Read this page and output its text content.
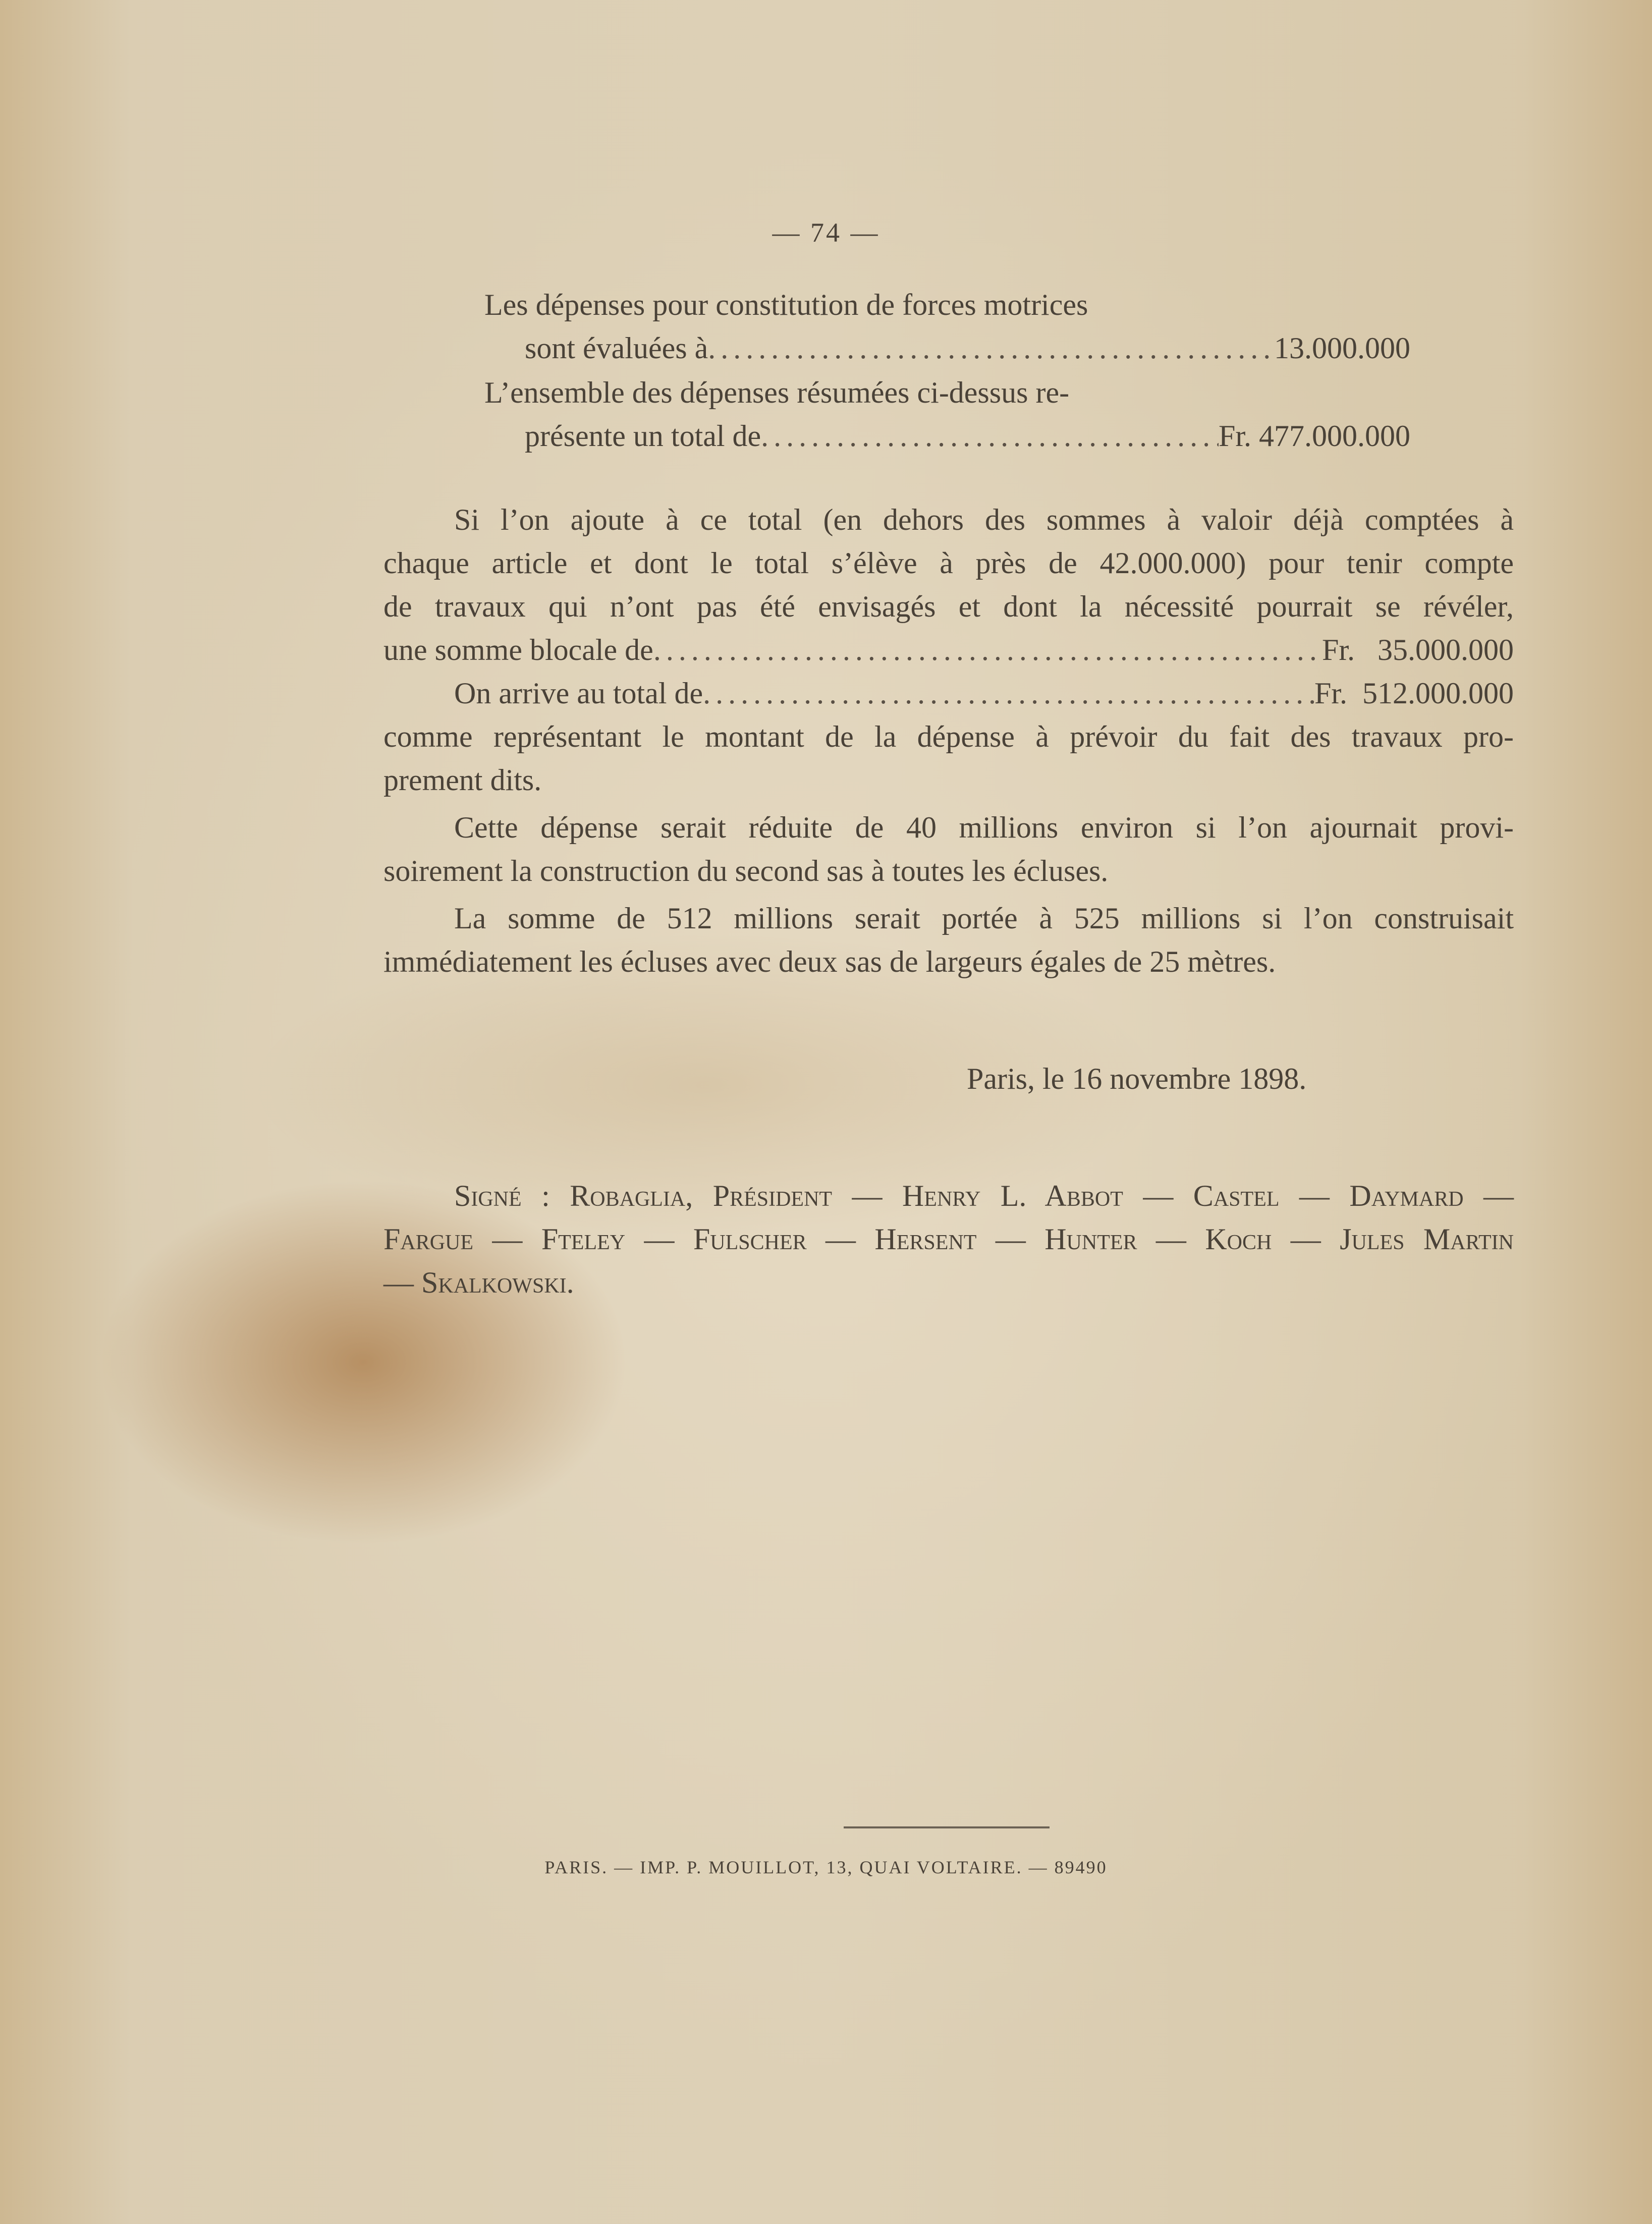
— 74 —
Les dépenses pour constitution de forces motrices
sont évaluées à .....	13.000.000
L’ensemble des dépenses résumées ci-dessus re-
présente un total de .....	Fr. 477.000.000
Si l’on ajoute à ce total (en dehors des sommes à valoir déjà comptées à
chaque article et dont le total s’élève à près de 42.000.000) pour tenir compte
de travaux qui n’ont pas été envisagés et dont la nécessité pourrait se révéler,
une somme blocale de .....	Fr.   35.000.000
On arrive au total de .....	Fr.  512.000.000
comme représentant le montant de la dépense à prévoir du fait des travaux pro-
prement dits.
Cette dépense serait réduite de 40 millions environ si l’on ajournait provi-
soirement la construction du second sas à toutes les écluses.
La somme de 512 millions serait portée à 525 millions si l’on construisait
immédiatement les écluses avec deux sas de largeurs égales de 25 mètres.
Paris, le 16 novembre 1898.
Signé : Robaglia, Président — Henry L. Abbot — Castel — Daymard —
Fargue — Fteley — Fulscher — Hersent — Hunter — Koch — Jules Martin
— Skalkowski.
PARIS. — IMP. P. MOUILLOT, 13, QUAI VOLTAIRE. — 89490
